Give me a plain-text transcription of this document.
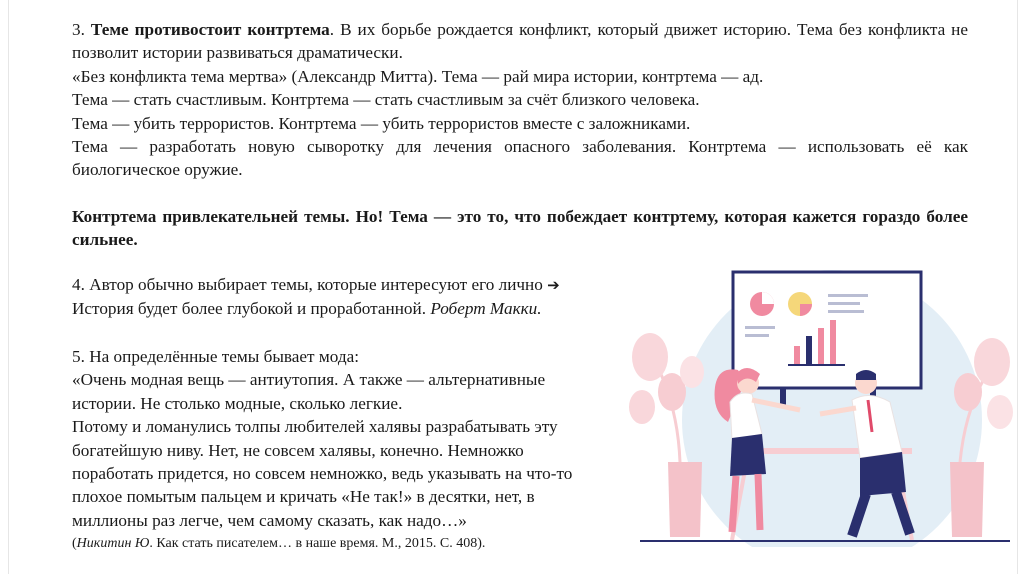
3. Теме противостоит контртема. В их борьбе рождается конфликт, который движет историю. Тема без конфликта не позволит истории развиваться драматически.

«Без конфликта тема мертва» (Александр Митта). Тема — рай мира истории, контртема — ад.
Тема — стать счастливым. Контртема — стать счастливым за счёт близкого человека.
Тема — убить террористов. Контртема — убить террористов вместе с заложниками.
Тема — разработать новую сыворотку для лечения опасного заболевания. Контртема — использовать её как биологическое оружие.
Контртема привлекательней темы. Но! Тема — это то, что побеждает контртему, которая кажется гораздо более сильнее.
4. Автор обычно выбирает темы, которые интересуют его лично ➔
История будет более глубокой и проработанной. Роберт Макки.
5. На определённые темы бывает мода:
«Очень модная вещь — антиутопия. А также — альтернативные
истории. Не столько модные, сколько легкие.
Потому и ломанулись толпы любителей халявы разрабатывать эту
богатейшую ниву. Нет, не совсем халявы, конечно. Немножко
поработать придется, но совсем немножко, ведь указывать на что-то
плохое помытым пальцем и кричать «Не так!» в десятки, нет, в
миллионы раз легче, чем самому сказать, как надо…»
(Никитин Ю. Как стать писателем… в наше время. М., 2015. С. 408).
